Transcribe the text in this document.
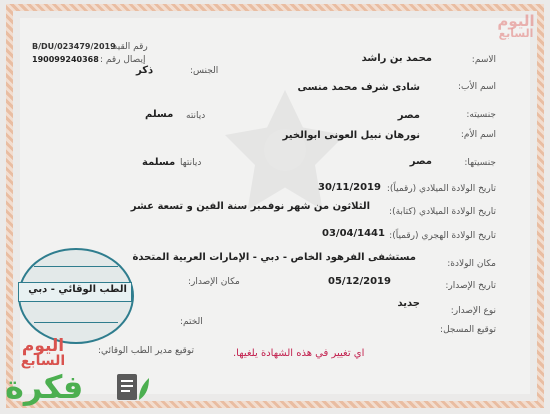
اليوم
السابع
رقم القيد:
B/DU/023479/2019
إيصال رقم :
190099240368	الاسم:
محمد بن راشد
الجنس:
ذكر
اسم الأب:
شادى شرف محمد منسى
جنسيته:
مصر
ديانته
مسلم
اسم الأم:
نورهان نبيل العونى ابوالخير
جنسيتها:
مصر
ديانتها
مسلمة
تاريخ الولادة الميلادي (رقمياً):
30/11/2019
تاريخ الولادة الميلادي (كتابة):
الثلاثون من شهر نوفمبر سنة الفين و تسعة عشر
تاريخ الولادة الهجري (رقمياً):
03/04/1441
مكان الولادة:
مستشفى الفرهود الخاص - دبي - الإمارات العربية المتحدة
تاريخ الإصدار:
05/12/2019
مكان الإصدار:
الطب الوقائي - دبي
نوع الإصدار:
جديد
الختم:
توقيع المسجل:
توقيع مدير الطب الوقائي:	اي تغيير في هذه الشهادة يلغيها.
اليوم
السابع
فكرة
